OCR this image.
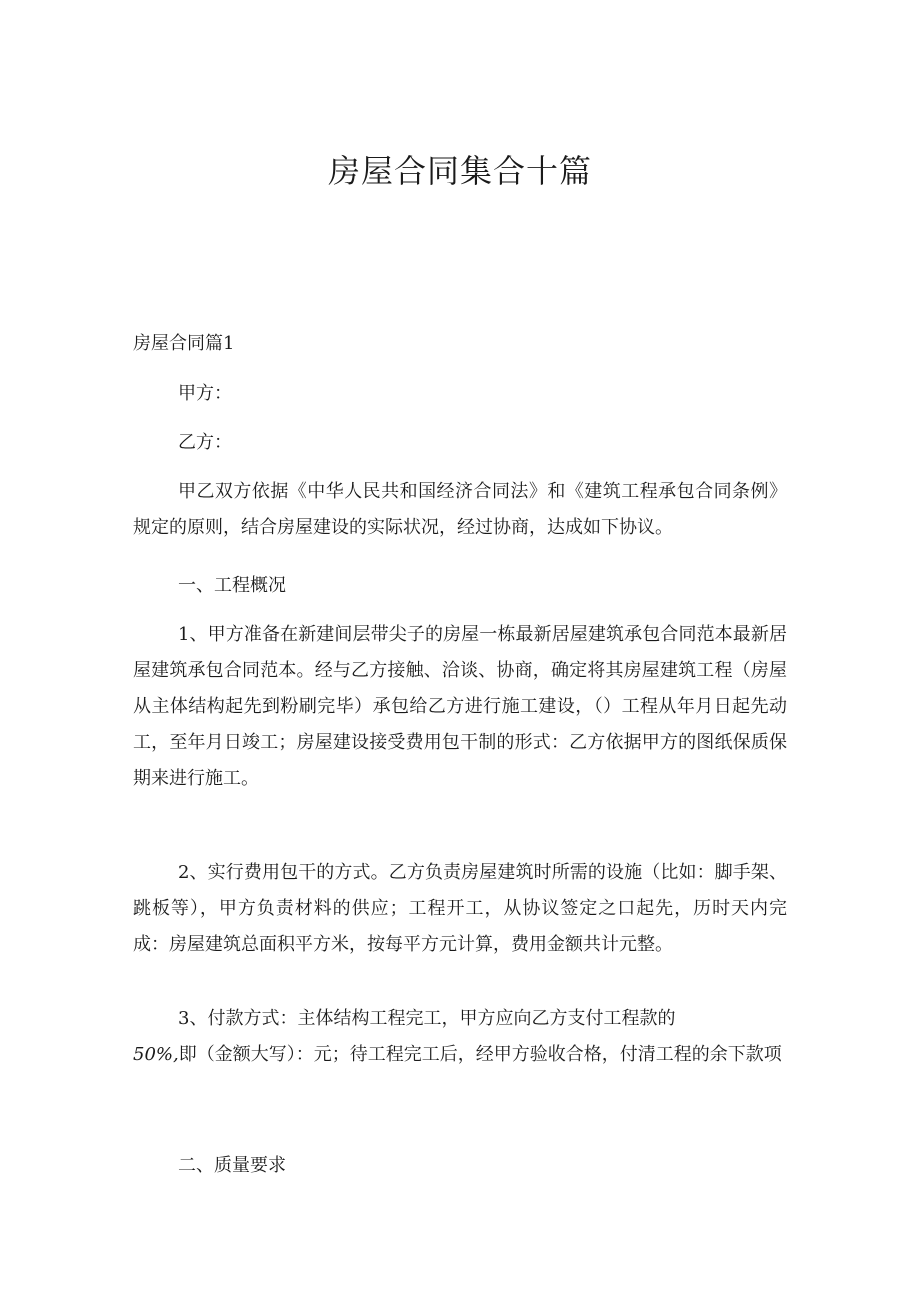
房屋合同集合十篇

房屋合同篇1

甲方：

乙方：

甲乙双方依据《中华人民共和国经济合同法》和《建筑工程承包合同条例》规定的原则，结合房屋建设的实际状况，经过协商，达成如下协议。

一、工程概况

1、甲方准备在新建间层带尖子的房屋一栋最新居屋建筑承包合同范本最新居屋建筑承包合同范本。经与乙方接触、洽谈、协商，确定将其房屋建筑工程（房屋从主体结构起先到粉刷完毕）承包给乙方进行施工建设，（）工程从年月日起先动工，至年月日竣工；房屋建设接受费用包干制的形式：乙方依据甲方的图纸保质保期来进行施工。

2、实行费用包干的方式。乙方负责房屋建筑时所需的设施（比如：脚手架、跳板等），甲方负责材料的供应；工程开工，从协议签定之口起先，历时天内完成：房屋建筑总面积平方米，按每平方元计算，费用金额共计元整。

3、付款方式：主体结构工程完工，甲方应向乙方支付工程款的
50%,即（金额大写）：元；待工程完工后，经甲方验收合格，付清工程的余下款项

二、质量要求
